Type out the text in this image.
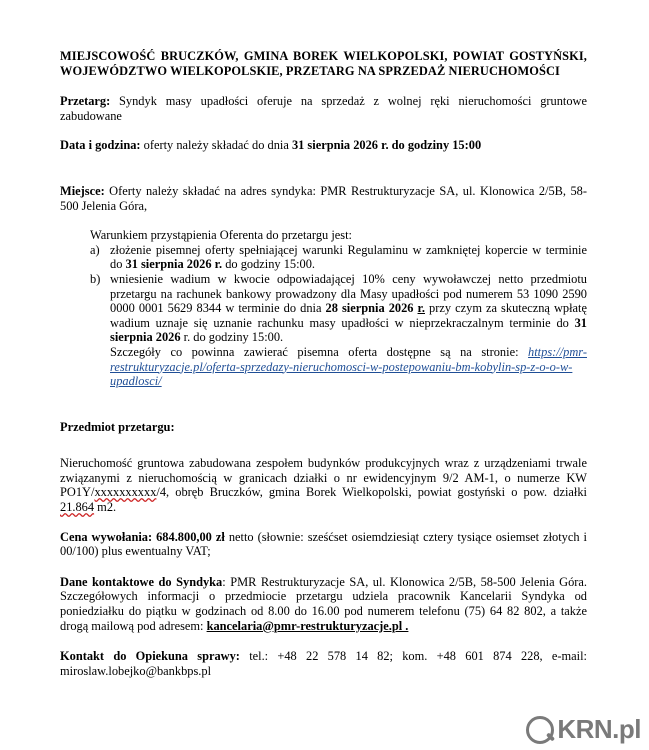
MIEJSCOWOŚĆ BRUCZKÓW, GMINA BOREK WIELKOPOLSKI, POWIAT GOSTYŃSKI, WOJEWÓDZTWO WIELKOPOLSKIE, PRZETARG NA SPRZEDAŻ NIERUCHOMOŚCI

Przetarg: Syndyk masy upadłości oferuje na sprzedaż z wolnej ręki nieruchomości gruntowe zabudowane

Data i godzina: oferty należy składać do dnia 31 sierpnia 2026 r. do godziny 15:00

Miejsce: Oferty należy składać na adres syndyka: PMR Restrukturyzacje SA, ul. Klonowica 2/5B, 58-500 Jelenia Góra,

Warunkiem przystąpienia Oferenta do przetargu jest:

a) złożenie pisemnej oferty spełniającej warunki Regulaminu w zamkniętej kopercie w terminie do 31 sierpnia 2026 r. do godziny 15:00.
b) wniesienie wadium w kwocie odpowiadającej 10% ceny wywoławczej netto przedmiotu przetargu na rachunek bankowy prowadzony dla Masy upadłości pod numerem 53 1090 2590 0000 0001 5629 8344 w terminie do dnia 28 sierpnia 2026 r. przy czym za skuteczną wpłatę wadium uznaje się uznanie rachunku masy upadłości w nieprzekraczalnym terminie do 31 sierpnia 2026 r. do godziny 15:00.
Szczegóły co powinna zawierać pisemna oferta dostępne są na stronie: https://pmr-restrukturyzacje.pl/oferta-sprzedazy-nieruchomosci-w-postepowaniu-bm-kobylin-sp-z-o-o-w-upadlosci/

Przedmiot przetargu:

Nieruchomość gruntowa zabudowana zespołem budynków produkcyjnych wraz z urządzeniami trwale związanymi z nieruchomością w granicach działki o nr ewidencyjnym 9/2 AM-1, o numerze KW PO1Y/xxxxxxxxxx/4, obręb Bruczków, gmina Borek Wielkopolski, powiat gostyński o pow. działki 21.864 m2.

Cena wywołania: 684.800,00 zł netto (słownie: sześćset osiemdziesiąt cztery tysiące osiemset złotych i 00/100) plus ewentualny VAT;

Dane kontaktowe do Syndyka: PMR Restrukturyzacje SA, ul. Klonowica 2/5B, 58-500 Jelenia Góra. Szczegółowych informacji o przedmiocie przetargu udziela pracownik Kancelarii Syndyka od poniedziałku do piątku w godzinach od 8.00 do 16.00 pod numerem telefonu (75) 64 82 802, a także drogą mailową pod adresem: kancelaria@pmr-restrukturyzacje.pl .

Kontakt do Opiekuna sprawy: tel.: +48 22 578 14 82; kom. +48 601 874 228, e-mail: miroslaw.lobejko@bankbps.pl

KRN.pl
